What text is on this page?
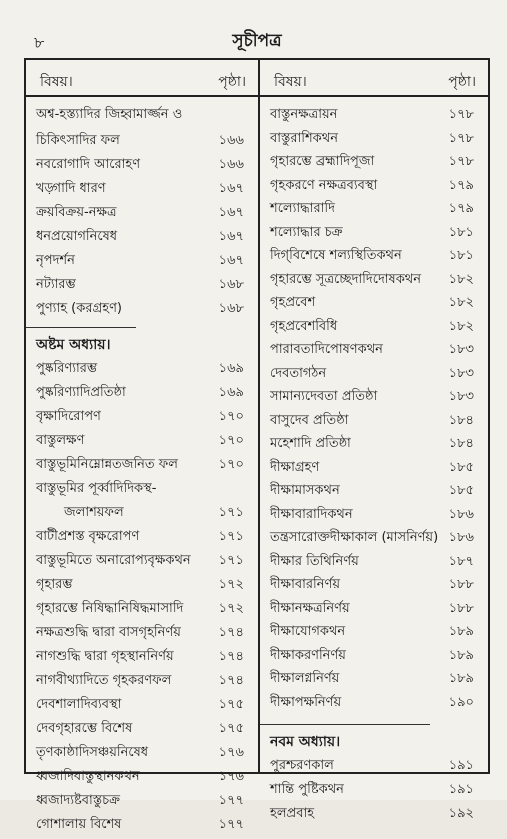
৮	সূচীপত্র
বিষয়।	পৃষ্ঠা।
অশ্ব-হস্ত্যাদির জিহ্বামার্জ্জন ও
চিকিৎসাদির ফল	১৬৬
নবরোগাদি আরোহণ	১৬৬
খড়্গাদি ধারণ	১৬৭
ক্রয়বিক্রয়-নক্ষত্র	১৬৭
ধনপ্রয়োগনিষেধ	১৬৭
নৃপদর্শন	১৬৭
নট্যারম্ভ	১৬৮
পুণ্যাহ (করগ্রহণ)	১৬৮
অষ্টম অধ্যায়।
পুষ্করিণ্যারম্ভ	১৬৯
পুষ্করিণ্যাদিপ্রতিষ্ঠা	১৬৯
বৃক্ষাদিরোপণ	১৭০
বাস্তুলক্ষণ	১৭০
বাস্তুভূমিনিম্নোন্নতজনিত ফল	১৭০
বাস্তুভূমির পূর্ব্বাদিদিকস্থ-
জলাশয়ফল	১৭১
বাটীপ্রশস্ত বৃক্ষরোপণ	১৭১
বাস্তুভূমিতে অনারোপ্যবৃক্ষকথন ১৭১
গৃহারম্ভ	১৭২
গৃহারম্ভে নিষিদ্ধানিষিদ্ধমাসাদি	১৭২
নক্ষত্রশুদ্ধি দ্বারা বাসগৃহনির্ণয়	১৭৪
নাগশুদ্ধি দ্বারা গৃহস্থাননির্ণয়	১৭৪
নাগবীথ্যাদিতে গৃহকরণফল	১৭৪
দেবশালাদিব্যবস্থা	১৭৫
দেবগৃহারম্ভে বিশেষ	১৭৫
তৃণকাষ্ঠাদিসঞ্চয়নিষেধ	১৭৬
ধ্বজাদিবাস্তুস্থানকথন	১৭৬
ধ্বজাদ্যষ্টবাস্তুচক্র	১৭৭
গোশালায় বিশেষ	১৭৭
বিষয়।	পৃষ্ঠা।
বাস্তুনক্ষত্রায়ন	১৭৮
বাস্তুরাশিকথন	১৭৮
গৃহারম্ভে ব্রহ্মাদিপূজা	১৭৮
গৃহকরণে নক্ষত্রব্যবস্থা	১৭৯
শল্যোদ্ধারাদি	১৭৯
শল্যোদ্ধার চক্র	১৮১
দিগ্‌বিশেষে শল্যস্থিতিকথন	১৮১
গৃহারম্ভে সূত্রচ্ছেদাদিদোষকথন ১৮২
গৃহপ্রবেশ	১৮২
গৃহপ্রবেশবিধি	১৮২
পারাবতাদিপোষণকথন	১৮৩
দেবতাগঠন	১৮৩
সামান্যদেবতা প্রতিষ্ঠা	১৮৩
বাসুদেব প্রতিষ্ঠা	১৮৪
মহেশাদি প্রতিষ্ঠা	১৮৪
দীক্ষাগ্রহণ	১৮৫
দীক্ষামাসকথন	১৮৫
দীক্ষাবারাদিকথন	১৮৬
তন্ত্রসারোক্তদীক্ষাকাল (মাসনির্ণয়) ১৮৬
দীক্ষার তিথিনির্ণয়	১৮৭
দীক্ষাবারনির্ণয়	১৮৮
দীক্ষানক্ষত্রনির্ণয়	১৮৮
দীক্ষাযোগকথন	১৮৯
দীক্ষাকরণনির্ণয়	১৮৯
দীক্ষালগ্ননির্ণয়	১৮৯
দীক্ষাপক্ষনির্ণয়	১৯০
নবম অধ্যায়।
পুরশ্চরণকাল	১৯১
শান্তি পুষ্টিকথন	১৯১
হলপ্রবাহ	১৯২
